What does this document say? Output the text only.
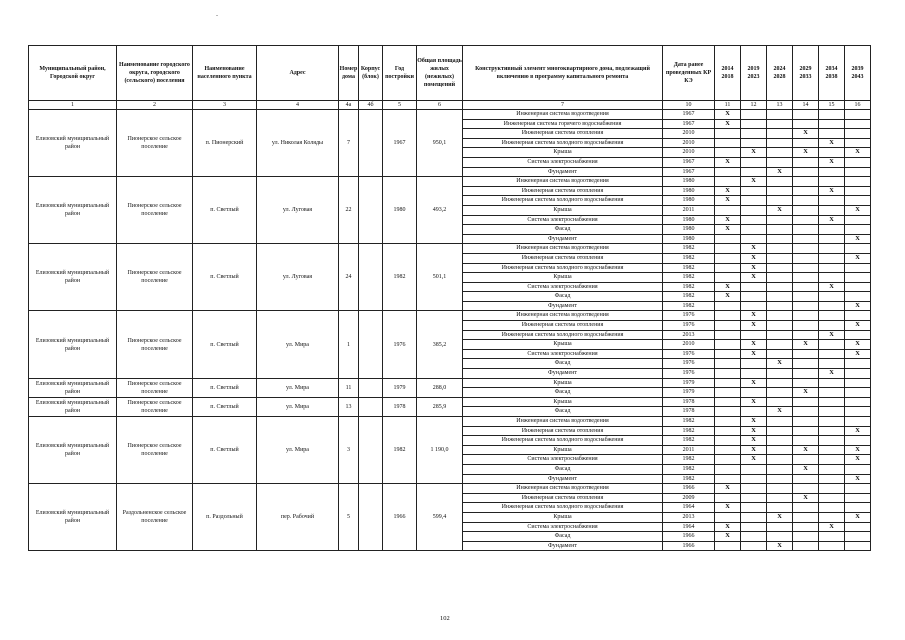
-
Муниципальный район, Городской округ	Наименование городского округа, городского (сельского) поселения	Наименование населенного пункта	Адрес	Номер дома	Корпус (блок)	Год постройки	Общая площадь жилых (нежилых) помещений	Конструктивный элемент многоквартирного дома, подлежащий включению в программу капитального ремонта	Дата ранее проведенных КР КЭ	2014 2018	2019 2023	2024 2028	2029 2033	2034 2038	2039 2043
1	2	3	4	4а	4б	5	6	7	10	11	12	13	14	15	16
Елизовский муниципальный район	Пионерское сельское поселение	п. Пионерский	ул. Николая Коляды	7		1967	950,1	Инженерная система водоотведения	1967	X					
								Инженерная система горячего водоснабжения	1967	X					
								Инженерная система отопления	2010				X		
								Инженерная система холодного водоснабжения	2010					X	
								Крыша	2010		X		X		X
								Система электроснабжения	1967	X				X	
								Фундамент	1967			X			
Елизовский муниципальный район	Пионерское сельское поселение	п. Светлый	ул. Луговая	22		1980	493,2	Инженерная система водоотведения	1980		X				
								Инженерная система отопления	1980	X				X	
								Инженерная система холодного водоснабжения	1980	X					
								Крыша	2011			X			X
								Система электроснабжения	1980	X				X	
								Фасад	1980	X					
								Фундамент	1980						X
Елизовский муниципальный район	Пионерское сельское поселение	п. Светлый	ул. Луговая	24		1982	501,1	Инженерная система водоотведения	1982		X				
								Инженерная система отопления	1982		X				X
								Инженерная система холодного водоснабжения	1982		X				
								Крыша	1982		X				
								Система электроснабжения	1982	X				X	
								Фасад	1982	X					
								Фундамент	1982						X
Елизовский муниципальный район	Пионерское сельское поселение	п. Светлый	ул. Мира	1		1976	385,2	Инженерная система водоотведения	1976		X				
								Инженерная система отопления	1976		X				X
								Инженерная система холодного водоснабжения	2013					X	
								Крыша	2010		X		X		X
								Система электроснабжения	1976		X				X
								Фасад	1976			X			
								Фундамент	1976					X	
Елизовский муниципальный район	Пионерское сельское поселение	п. Светлый	ул. Мира	11		1979	288,0	Крыша	1979		X				
								Фасад	1979				X		
Елизовский муниципальный район	Пионерское сельское поселение	п. Светлый	ул. Мира	13		1978	285,9	Крыша	1978		X				
								Фасад	1978			X			
Елизовский муниципальный район	Пионерское сельское поселение	п. Светлый	ул. Мира	3		1982	1 190,0	Инженерная система водоотведения	1982		X				
								Инженерная система отопления	1982		X				X
								Инженерная система холодного водоснабжения	1982		X				
								Крыша	2011		X		X		X
								Система электроснабжения	1982		X				X
								Фасад	1982				X		
								Фундамент	1982						X
Елизовский муниципальный район	Раздольненское сельское поселение	п. Раздольный	пер. Рабочий	5		1966	599,4	Инженерная система водоотведения	1966	X					
								Инженерная система отопления	2009				X		
								Инженерная система холодного водоснабжения	1964	X					
								Крыша	2013			X			X
								Система электроснабжения	1964	X				X	
								Фасад	1966	X					
								Фундамент	1966			X			
102
